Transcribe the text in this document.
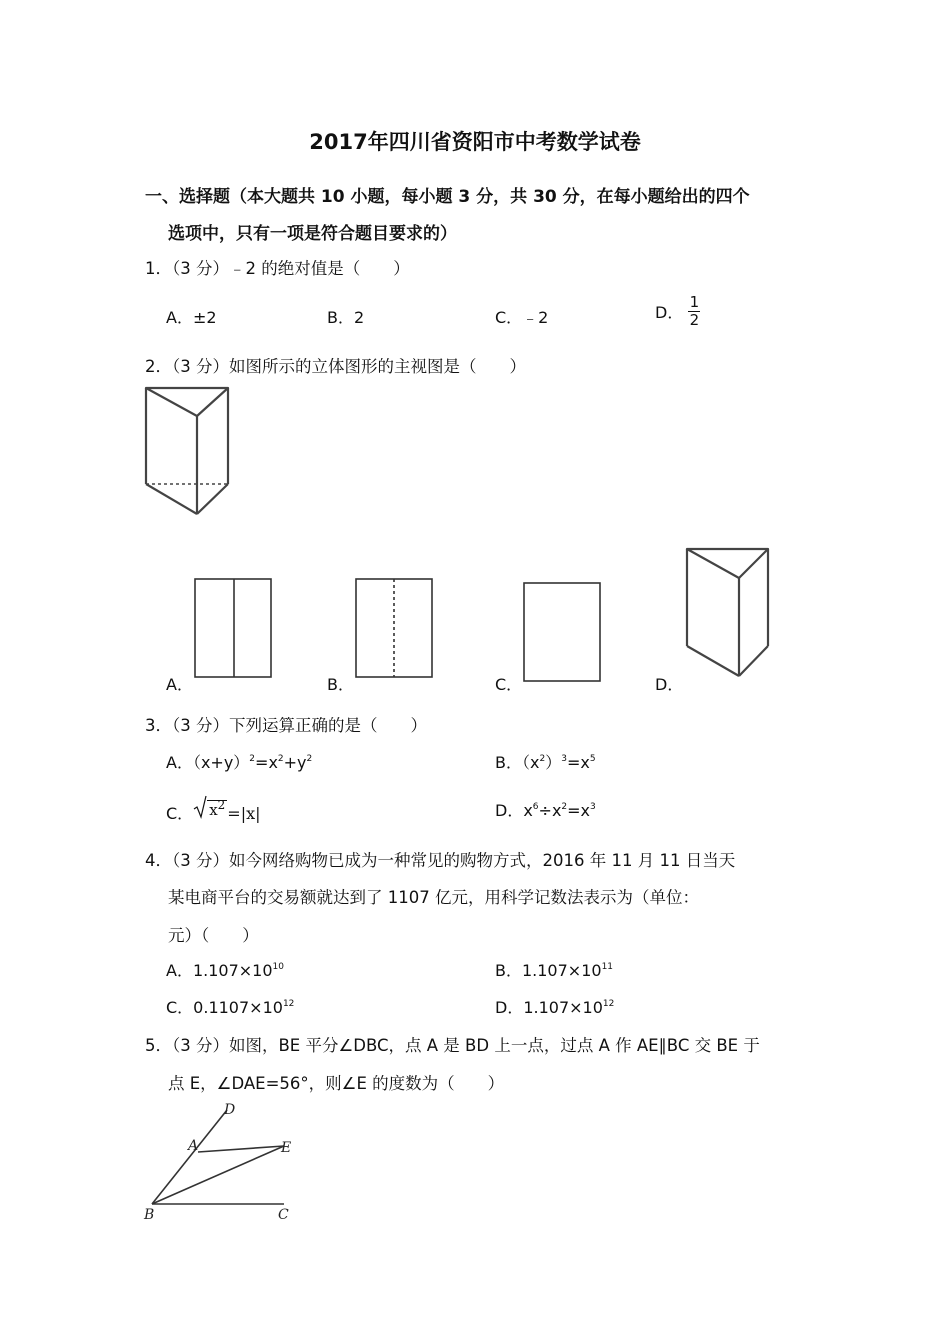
2017年四川省资阳市中考数学试卷
一、选择题（本大题共 10 小题，每小题 3 分，共 30 分，在每小题给出的四个
选项中，只有一项是符合题目要求的）
1．（3 分）﹣2 的绝对值是（　　）
A．±2	B．2	C．﹣2	D． $\frac{1}{2}$
2．（3 分）如图所示的立体图形的主视图是（　　）
A．	B．	C．	D．
3．（3 分）下列运算正确的是（　　）
A．$(x+y)^2=x^2+y^2$	B．$(x^2)^3=x^5$
C． $x^2 =|x|$	D．$x^6\div x^2=x^3$
4．（3 分）如今网络购物已成为一种常见的购物方式，2016 年 11 月 11 日当天
某电商平台的交易额就达到了 1107 亿元，用科学记数法表示为（单位：
元）（　　）
A．$1.107\times 10^{10}$	B．$1.107\times 10^{11}$
C．$0.1107\times 10^{12}$	D．$1.107\times 10^{12}$
5．（3 分）如图，BE 平分∠DBC，点 A 是 BD 上一点，过点 A 作 AE∥BC 交 BE 于
点 E，∠DAE=56°，则∠E 的度数为（　　）
D
A	E
B	C
